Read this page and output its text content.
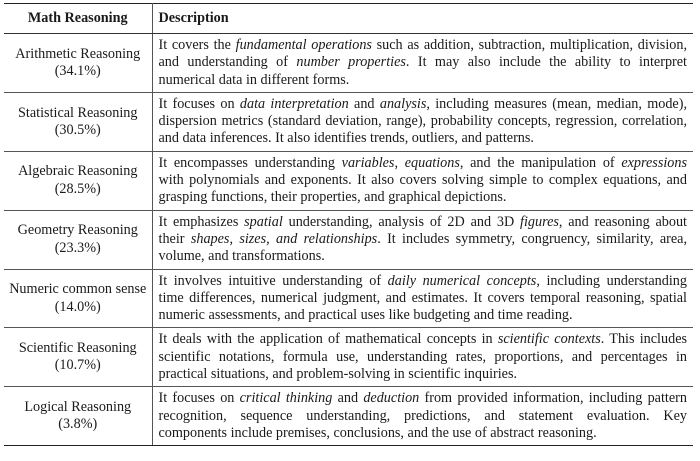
Math Reasoning	Description

Arithmetic Reasoning
(34.1%)	It covers the fundamental operations such as addition, subtraction, multiplication, division, and understanding of number properties. It may also include the ability to interpret numerical data in different forms.

Statistical Reasoning
(30.5%)	It focuses on data interpretation and analysis, including measures (mean, median, mode), dispersion metrics (standard deviation, range), probability concepts, regression, correlation, and data inferences. It also identifies trends, outliers, and patterns.

Algebraic Reasoning
(28.5%)	It encompasses understanding variables, equations, and the manipulation of expressions with polynomials and exponents. It also covers solving simple to complex equations, and grasping functions, their properties, and graphical depictions.

Geometry Reasoning
(23.3%)	It emphasizes spatial understanding, analysis of 2D and 3D figures, and reasoning about their shapes, sizes, and relationships. It includes symmetry, congruency, similarity, area, volume, and transformations.

Numeric common sense
(14.0%)	It involves intuitive understanding of daily numerical concepts, including understanding time differences, numerical judgment, and estimates. It covers temporal reasoning, spatial numeric assessments, and practical uses like budgeting and time reading.

Scientific Reasoning
(10.7%)	It deals with the application of mathematical concepts in scientific contexts. This includes scientific notations, formula use, understanding rates, proportions, and percentages in practical situations, and problem-solving in scientific inquiries.

Logical Reasoning
(3.8%)	It focuses on critical thinking and deduction from provided information, including pattern recognition, sequence understanding, predictions, and statement evaluation. Key components include premises, conclusions, and the use of abstract reasoning.
